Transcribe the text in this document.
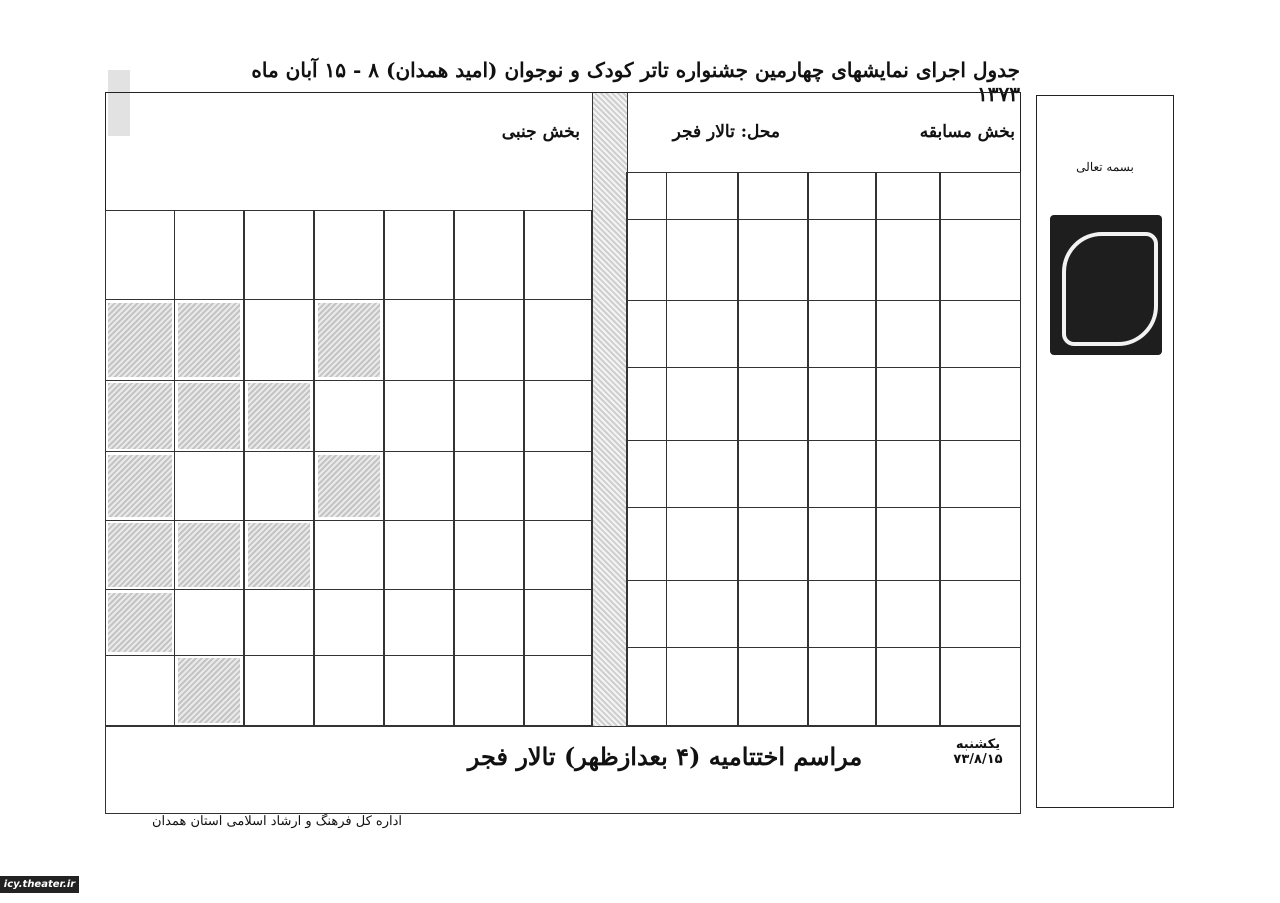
جدول اجرای نمایشهای چهارمین جشنواره تاتر کودک و نوجوان (امید همدان) ۸ - ۱۵ آبان ماه ۱۳۷۳
بخش مسابقه
محل: تالار فجر
بخش جنبی
یکشنبه ۷۳/۸/۱۵
مراسم اختتامیه (۴ بعدازظهر) تالار فجر
اداره کل فرهنگ و ارشاد اسلامی استان همدان
بسمه تعالی
icy.theater.ir
